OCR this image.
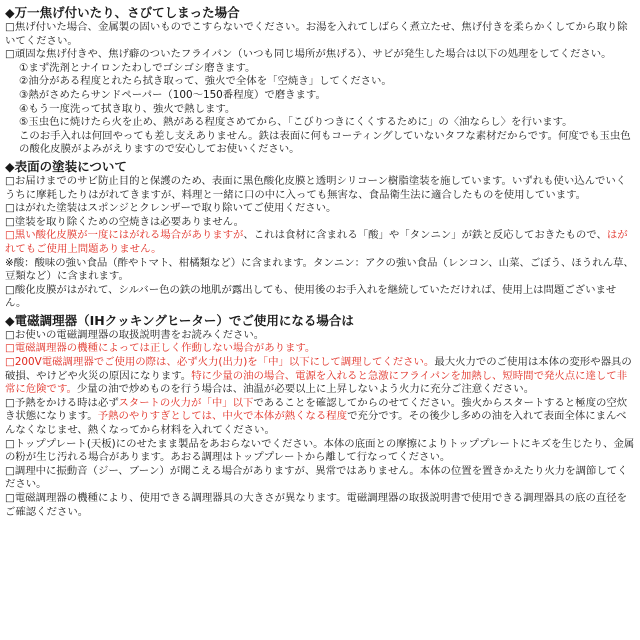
◆万一焦げ付いたり、さびてしまった場合

□焦げ付いた場合、金属製の固いものでこすらないでください。お湯を入れてしばらく煮立たせ、焦げ付きを柔らかくしてから取り除いてください。

□頑固な焦げ付きや、焦げ癖のついたフライパン（いつも同じ場所が焦げる）、サビが発生した場合は以下の処理をしてください。

①まず洗剤とナイロンたわしでゴシゴシ磨きます。

②油分がある程度とれたら拭き取って、強火で全体を「空焼き」してください。

③熱がさめたらサンドペーパー（100～150番程度）で磨きます。

④もう一度洗って拭き取り、強火で熱します。

⑤玉虫色に焼けたら火を止め、熱がある程度さめてから、「こびりつきにくくするために」の〈油ならし〉を行います。

このお手入れは何回やっても差し支えありません。鉄は表面に何もコーティングしていないタフな素材だからです。何度でも玉虫色の酸化皮膜がよみがえりますので安心してお使いください。

◆表面の塗装について

□お届けまでのサビ防止目的と保護のため、表面に黒色酸化皮膜と透明シリコーン樹脂塗装を施しています。いずれも使い込んでいくうちに摩耗したりはがれてきますが、料理と一緒に口の中に入っても無害な、食品衛生法に適合したものを使用しています。

□はがれた塗装はスポンジとクレンザーで取り除いてご使用ください。

□塗装を取り除くための空焼きは必要ありません。

□黒い酸化皮膜が一度にはがれる場合がありますが、これは食材に含まれる「酸」や「タンニン」が鉄と反応しておきたもので、はがれてもご使用上問題ありません。

※酸：酸味の強い食品（酢やトマト、柑橘類など）に含まれます。タンニン：アクの強い食品（レンコン、山菜、ごぼう、ほうれん草、豆類など）に含まれます。

□酸化皮膜がはがれて、シルバー色の鉄の地肌が露出しても、使用後のお手入れを継続していただければ、使用上は問題ございません。

◆電磁調理器（IHクッキングヒーター）でご使用になる場合は

□お使いの電磁調理器の取扱説明書をお読みください。

□電磁調理器の機種によっては正しく作動しない場合があります。

□200V電磁調理器でご使用の際は、必ず火力(出力)を「中」以下にして調理してください。最大火力でのご使用は本体の変形や器具の破損、やけどや火災の原因になります。特に少量の油の場合、電源を入れると急激にフライパンを加熱し、短時間で発火点に達して非常に危険です。少量の油で炒めものを行う場合は、油温が必要以上に上昇しないよう火力に充分ご注意ください。

□予熱をかける時は必ずスタートの火力が「中」以下であることを確認してからのせてください。強火からスタートすると極度の空炊き状態になります。予熱のやりすぎとしては、中火で本体が熱くなる程度で充分です。その後少し多めの油を入れて表面全体にまんべんなくなじませ、熱くなってから材料を入れてください。

□トッププレート(天板)にのせたまま製品をあおらないでください。本体の底面との摩擦によりトッププレートにキズを生じたり、金属の粉が生じ汚れる場合があります。あおる調理はトッププレートから離して行なってください。

□調理中に振動音（ジー、ブーン）が聞こえる場合がありますが、異常ではありません。本体の位置を置きかえたり火力を調節してください。

□電磁調理器の機種により、使用できる調理器具の大きさが異なります。電磁調理器の取扱説明書で使用できる調理器具の底の直径をご確認ください。
